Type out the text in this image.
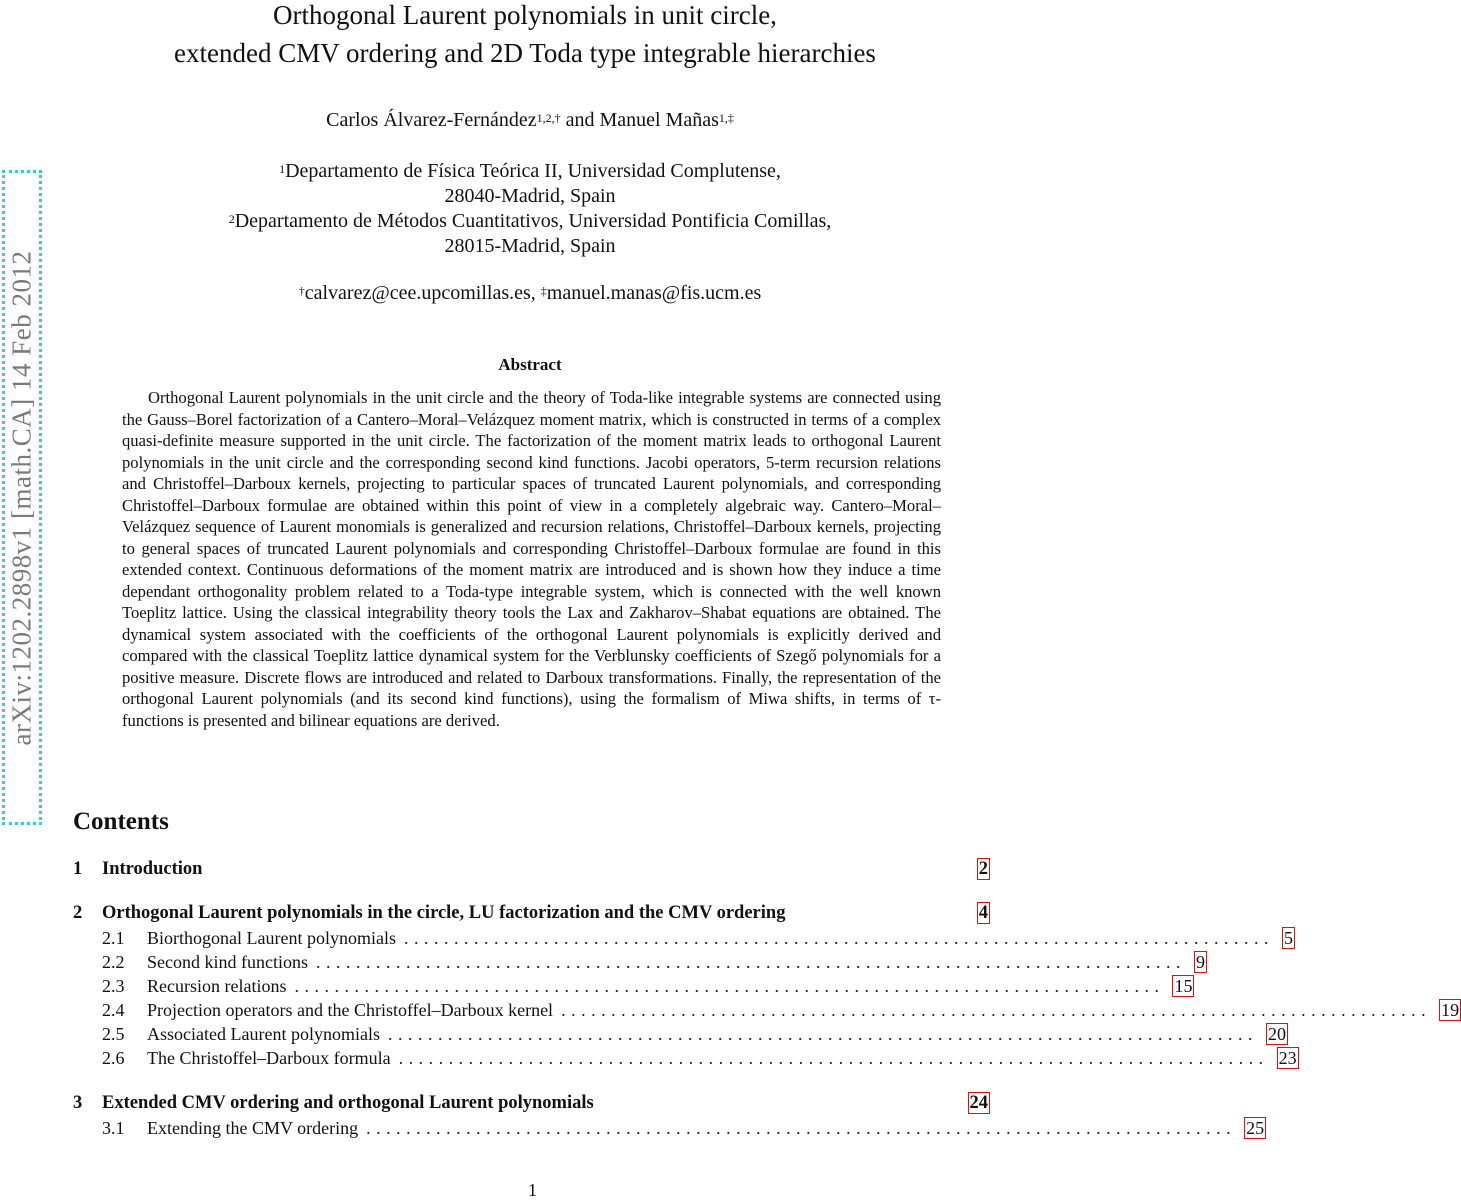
arXiv:1202.2898v1 [math.CA] 14 Feb 2012
Orthogonal Laurent polynomials in unit circle,
extended CMV ordering and 2D Toda type integrable hierarchies
Carlos Álvarez-Fernández$^{1,2,\dagger}$ and Manuel Mañas$^{1,\ddagger}$
$^1$Departamento de Física Teórica II, Universidad Complutense,
28040-Madrid, Spain
$^2$Departamento de Métodos Cuantitativos, Universidad Pontificia Comillas,
28015-Madrid, Spain
†calvarez@cee.upcomillas.es, ‡manuel.manas@fis.ucm.es
Abstract
Orthogonal Laurent polynomials in the unit circle and the theory of Toda-like integrable systems are connected using the Gauss–Borel factorization of a Cantero–Moral–Velázquez moment matrix, which is constructed in terms of a complex quasi-definite measure supported in the unit circle. The factorization of the moment matrix leads to orthogonal Laurent polynomials in the unit circle and the corresponding second kind functions. Jacobi operators, 5-term recursion relations and Christoffel–Darboux kernels, projecting to particular spaces of truncated Laurent polynomials, and corresponding Christoffel–Darboux formulae are obtained within this point of view in a completely algebraic way. Cantero–Moral–Velázquez sequence of Laurent monomials is generalized and recursion relations, Christoffel–Darboux kernels, projecting to general spaces of truncated Laurent polynomials and corresponding Christoffel–Darboux formulae are found in this extended context. Continuous deformations of the moment matrix are introduced and is shown how they induce a time dependant orthogonality problem related to a Toda-type integrable system, which is connected with the well known Toeplitz lattice. Using the classical integrability theory tools the Lax and Zakharov–Shabat equations are obtained. The dynamical system associated with the coefficients of the orthogonal Laurent polynomials is explicitly derived and compared with the classical Toeplitz lattice dynamical system for the Verblunsky coefficients of Szegő polynomials for a positive measure. Discrete flows are introduced and related to Darboux transformations. Finally, the representation of the orthogonal Laurent polynomials (and its second kind functions), using the formalism of Miwa shifts, in terms of τ-functions is presented and bilinear equations are derived.
Contents
1	Introduction	2
2	Orthogonal Laurent polynomials in the circle, LU factorization and the CMV ordering	4
2.1	Biorthogonal Laurent polynomials ....................................................................................... 5
2.2	Second kind functions ....................................................................................... 9
2.3	Recursion relations ....................................................................................... 15
2.4	Projection operators and the Christoffel–Darboux kernel ....................................................................................... 19
2.5	Associated Laurent polynomials ....................................................................................... 20
2.6	The Christoffel–Darboux formula ....................................................................................... 23
3	Extended CMV ordering and orthogonal Laurent polynomials	24
3.1	Extending the CMV ordering ....................................................................................... 25
1
